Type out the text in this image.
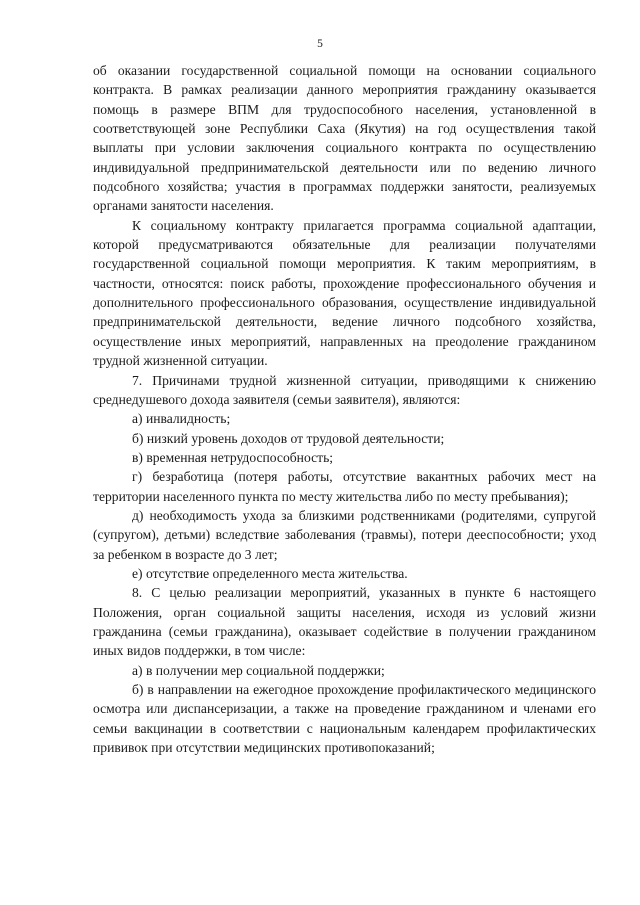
5

об оказании государственной социальной помощи на основании социального контракта. В рамках реализации данного мероприятия гражданину оказывается помощь в размере ВПМ для трудоспособного населения, установленной в соответствующей зоне Республики Саха (Якутия) на год осуществления такой выплаты при условии заключения социального контракта по осуществлению индивидуальной предпринимательской деятельности или по ведению личного подсобного хозяйства; участия в программах поддержки занятости, реализуемых органами занятости населения.

К социальному контракту прилагается программа социальной адаптации, которой предусматриваются обязательные для реализации получателями государственной социальной помощи мероприятия. К таким мероприятиям, в частности, относятся: поиск работы, прохождение профессионального обучения и дополнительного профессионального образования, осуществление индивидуальной предпринимательской деятельности, ведение личного подсобного хозяйства, осуществление иных мероприятий, направленных на преодоление гражданином трудной жизненной ситуации.

7. Причинами трудной жизненной ситуации, приводящими к снижению среднедушевого дохода заявителя (семьи заявителя), являются:

а) инвалидность;

б) низкий уровень доходов от трудовой деятельности;

в) временная нетрудоспособность;

г) безработица (потеря работы, отсутствие вакантных рабочих мест на территории населенного пункта по месту жительства либо по месту пребывания);

д) необходимость ухода за близкими родственниками (родителями, супругой (супругом), детьми) вследствие заболевания (травмы), потери дееспособности; уход за ребенком в возрасте до 3 лет;

е) отсутствие определенного места жительства.

8. С целью реализации мероприятий, указанных в пункте 6 настоящего Положения, орган социальной защиты населения, исходя из условий жизни гражданина (семьи гражданина), оказывает содействие в получении гражданином иных видов поддержки, в том числе:

а) в получении мер социальной поддержки;

б) в направлении на ежегодное прохождение профилактического медицинского осмотра или диспансеризации, а также на проведение гражданином и членами его семьи вакцинации в соответствии с национальным календарем профилактических прививок при отсутствии медицинских противопоказаний;
